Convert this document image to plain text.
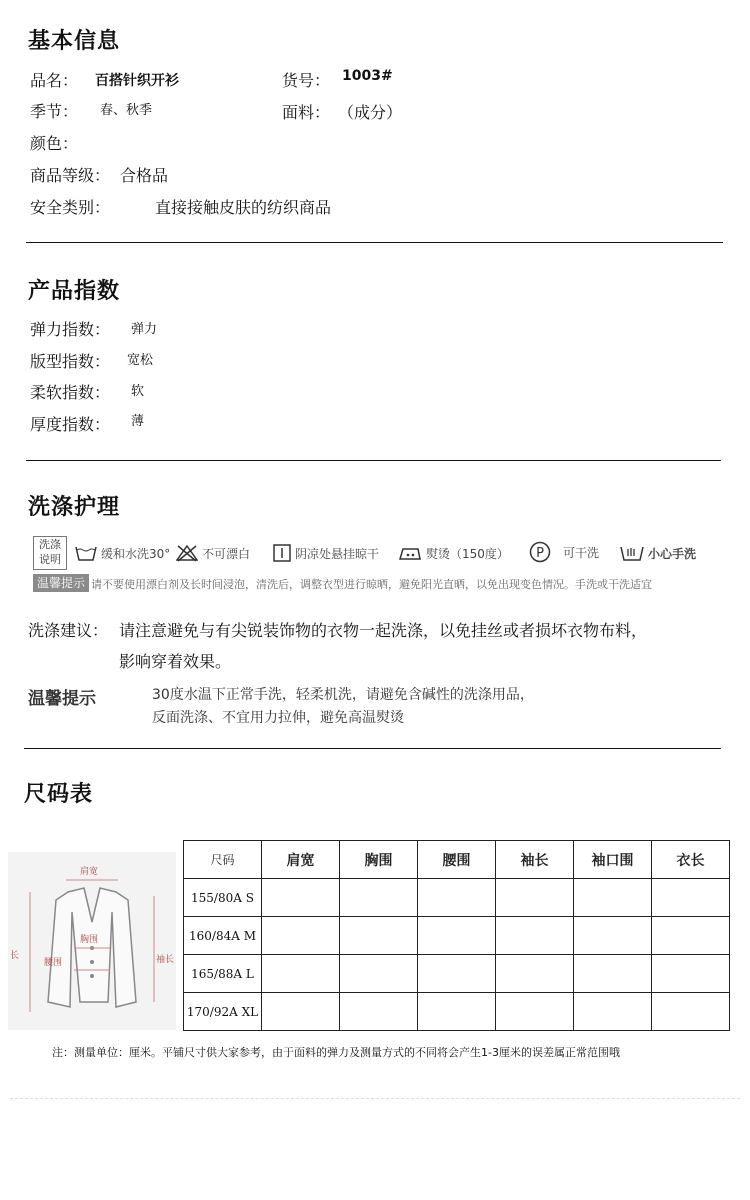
基本信息
品名： 百搭针织开衫	货号： 1003#
季节： 春、秋季	面料： （成分）
颜色：
商品等级： 合格品
安全类别：	直接接触皮肤的纺织商品
产品指数
弹力指数： 弹力
版型指数： 宽松
柔软指数： 软
厚度指数： 薄
洗涤护理
洗涤说明	缓和水洗30°	不可漂白	阴凉处悬挂晾干	熨烫（150度） P 可干洗	小心手洗
温馨提示 请不要使用漂白剂及长时间浸泡，清洗后，调整衣型进行晾晒，避免阳光直晒，以免出现变色情况。手洗或干洗适宜
洗涤建议： 请注意避免与有尖锐装饰物的衣物一起洗涤，以免挂丝或者损坏衣物布料，
影响穿着效果。
温馨提示	30度水温下正常手洗，轻柔机洗，请避免含碱性的洗涤用品，
反面洗涤、不宜用力拉伸，避免高温熨烫
尺码表
肩宽
胸围
腰围
长	袖长
尺码	肩宽	胸围	腰围	袖长	袖口围	衣长
155/80A S						
160/84A M						
165/88A L						
170/92A XL						
注：测量单位：厘米。平铺尺寸供大家参考，由于面料的弹力及测量方式的不同将会产生1-3厘米的误差属正常范围哦
